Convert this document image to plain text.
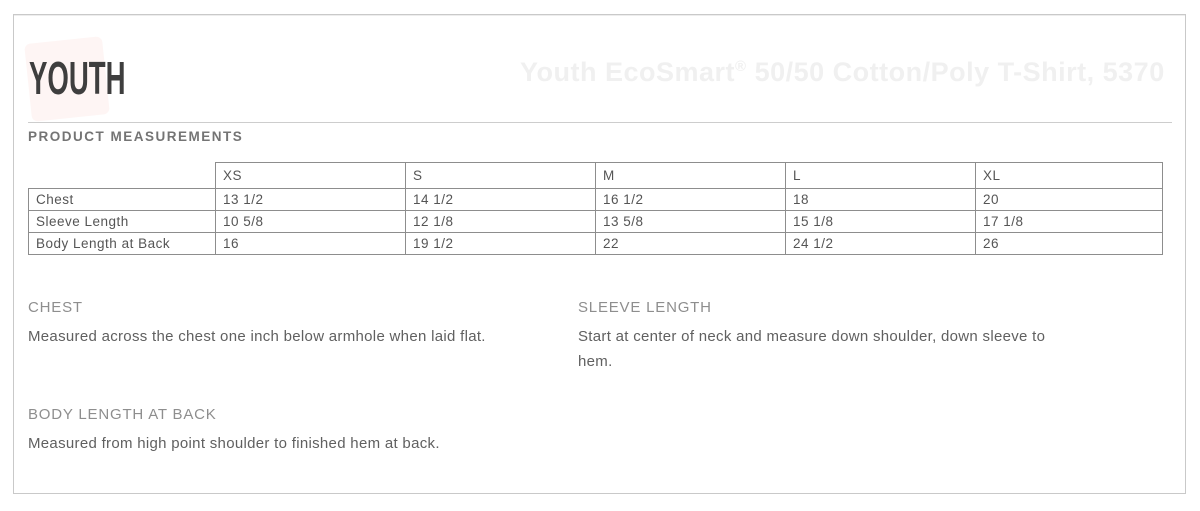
YOUTH	Youth EcoSmart® 50/50 Cotton/Poly T-Shirt, 5370
PRODUCT MEASUREMENTS
	XS	S	M	L	XL
Chest	13 1/2	14 1/2	16 1/2	18	20
Sleeve Length	10 5/8	12 1/8	13 5/8	15 1/8	17 1/8
Body Length at Back	16	19 1/2	22	24 1/2	26
CHEST
Measured across the chest one inch below armhole when laid flat.
SLEEVE LENGTH
Start at center of neck and measure down shoulder, down sleeve to hem.
BODY LENGTH AT BACK
Measured from high point shoulder to finished hem at back.
